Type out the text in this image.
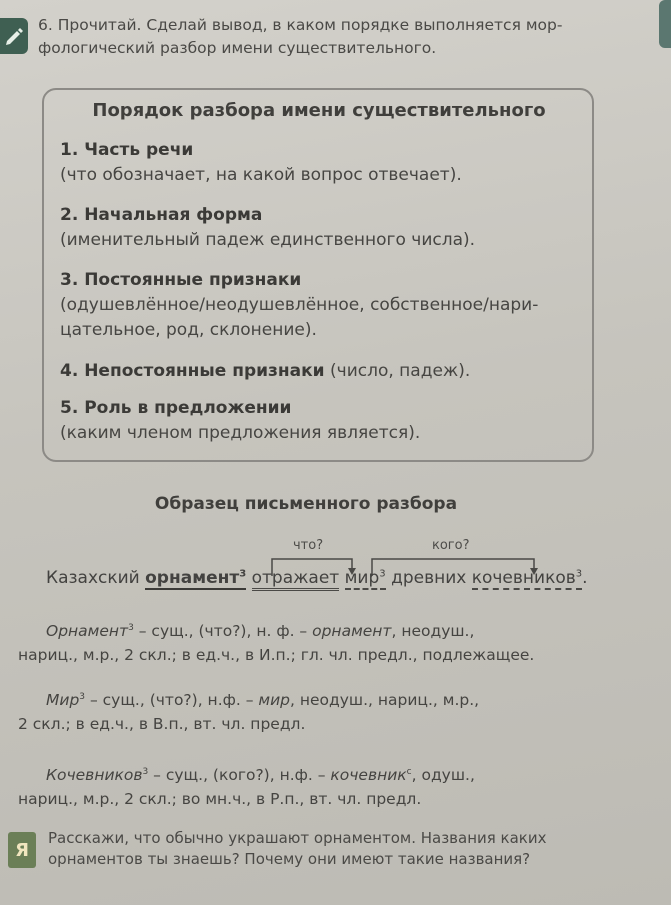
6. Прочитай. Сделай вывод, в каком порядке выполняется мор-
фологический разбор имени существительного.
Порядок разбора имени существительного
1. Часть речи
(что обозначает, на какой вопрос отвечает).
2. Начальная форма
(именительный падеж единственного числа).
3. Постоянные признаки
(одушевлённое/неодушевлённое, собственное/нари-
цательное, род, склонение).
4. Непостоянные признаки (число, падеж).
5. Роль в предложении
(каким членом предложения является).
Образец письменного разбора
что?	кого?
Казахский орнамент$^3$ отражает мир$^3$ древних кочевников$^3$.
Орнамент$^3$ – сущ., (что?), н. ф. – орнамент, неодуш.,
нариц., м.р., 2 скл.; в ед.ч., в И.п.; гл. чл. предл., подлежащее.
Мир$^3$ – сущ., (что?), н.ф. – мир, неодуш., нариц., м.р.,
2 скл.; в ед.ч., в В.п., вт. чл. предл.
Кочевников$^3$ – сущ., (кого?), н.ф. – кочевник$^с$, одуш.,
нариц., м.р., 2 скл.; во мн.ч., в Р.п., вт. чл. предл.
Я
Расскажи, что обычно украшают орнаментом. Названия каких
орнаментов ты знаешь? Почему они имеют такие названия?
